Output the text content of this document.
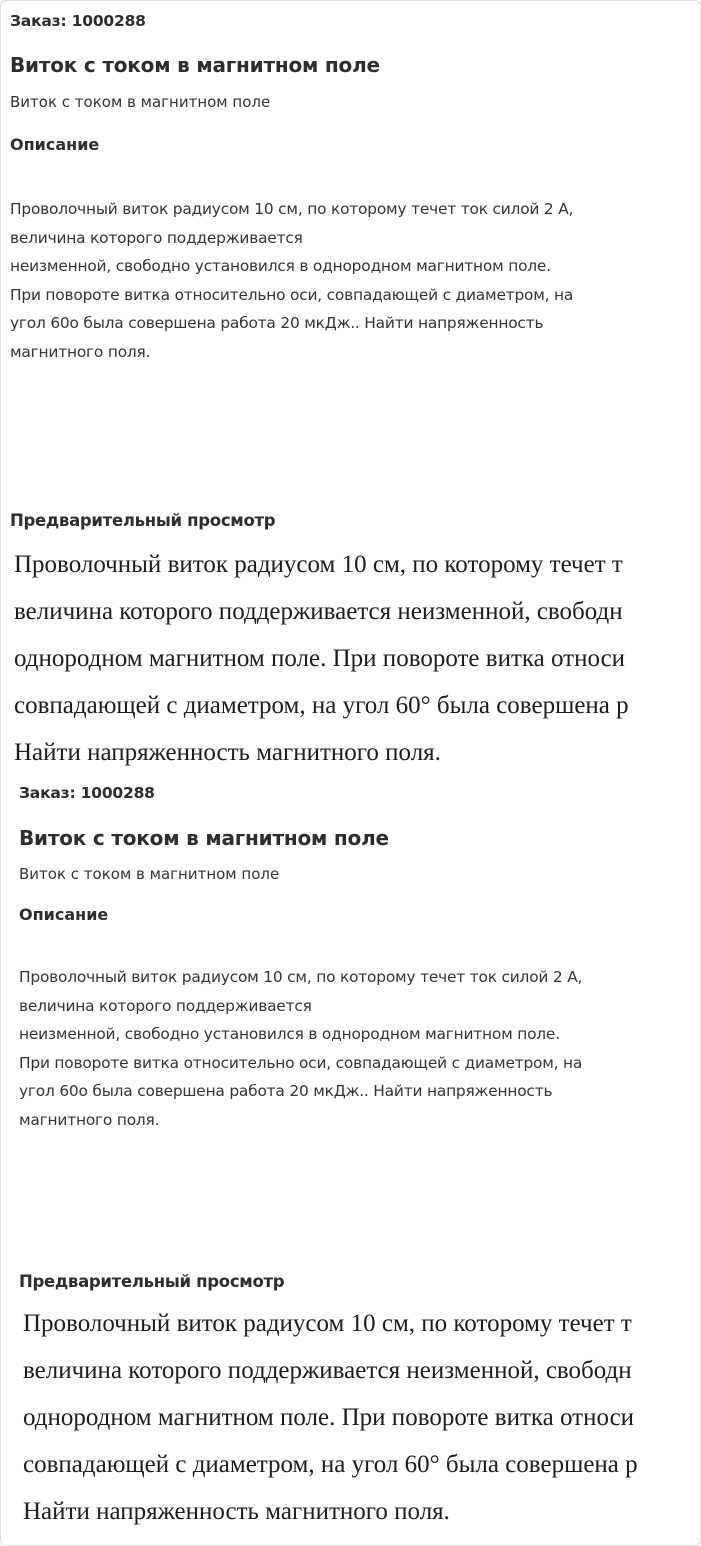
Заказ: 1000288
Виток с током в магнитном поле
Виток с током в магнитном поле
Описание
Проволочный виток радиусом 10 см, по которому течет ток силой 2 А,
величина которого поддерживается
неизменной, свободно установился в однородном магнитном поле.
При повороте витка относительно оси, совпадающей с диаметром, на
угол 60о была совершена работа 20 мкДж.. Найти напряженность
магнитного поля.
Предварительный просмотр
Проволочный виток радиусом 10 см, по которому течет т
величина которого поддерживается неизменной, свободн
однородном магнитном поле. При повороте витка относи
совпадающей с диаметром, на угол 60° была совершена р
Найти напряженность магнитного поля.
Заказ: 1000288
Виток с током в магнитном поле
Виток с током в магнитном поле
Описание
Проволочный виток радиусом 10 см, по которому течет ток силой 2 А,
величина которого поддерживается
неизменной, свободно установился в однородном магнитном поле.
При повороте витка относительно оси, совпадающей с диаметром, на
угол 60о была совершена работа 20 мкДж.. Найти напряженность
магнитного поля.
Предварительный просмотр
Проволочный виток радиусом 10 см, по которому течет т
величина которого поддерживается неизменной, свободн
однородном магнитном поле. При повороте витка относи
совпадающей с диаметром, на угол 60° была совершена р
Найти напряженность магнитного поля.
